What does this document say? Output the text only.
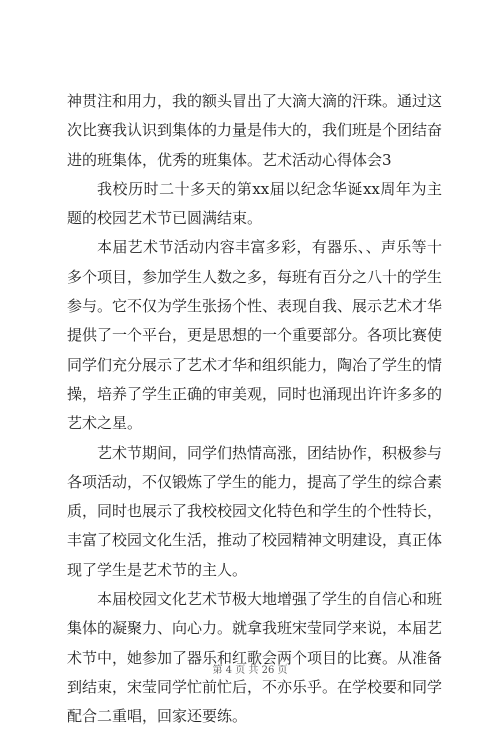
神贯注和用力，我的额头冒出了大滴大滴的汗珠。通过这次比赛我认识到集体的力量是伟大的，我们班是个团结奋进的班集体，优秀的班集体。艺术活动心得体会3

我校历时二十多天的第xx届以纪念华诞xx周年为主题的校园艺术节已圆满结束。

本届艺术节活动内容丰富多彩，有器乐、、声乐等十多个项目，参加学生人数之多，每班有百分之八十的学生参与。它不仅为学生张扬个性、表现自我、展示艺术才华提供了一个平台，更是思想的一个重要部分。各项比赛使同学们充分展示了艺术才华和组织能力，陶冶了学生的情操，培养了学生正确的审美观，同时也涌现出许许多多的艺术之星。

艺术节期间，同学们热情高涨，团结协作，积极参与各项活动，不仅锻炼了学生的能力，提高了学生的综合素质，同时也展示了我校校园文化特色和学生的个性特长，丰富了校园文化生活，推动了校园精神文明建设，真正体现了学生是艺术节的主人。

本届校园文化艺术节极大地增强了学生的自信心和班集体的凝聚力、向心力。就拿我班宋莹同学来说，本届艺术节中，她参加了器乐和红歌会两个项目的比赛。从准备到结束，宋莹同学忙前忙后，不亦乐乎。在学校要和同学配合二重唱，回家还要练。

第 4 页 共 26 页
